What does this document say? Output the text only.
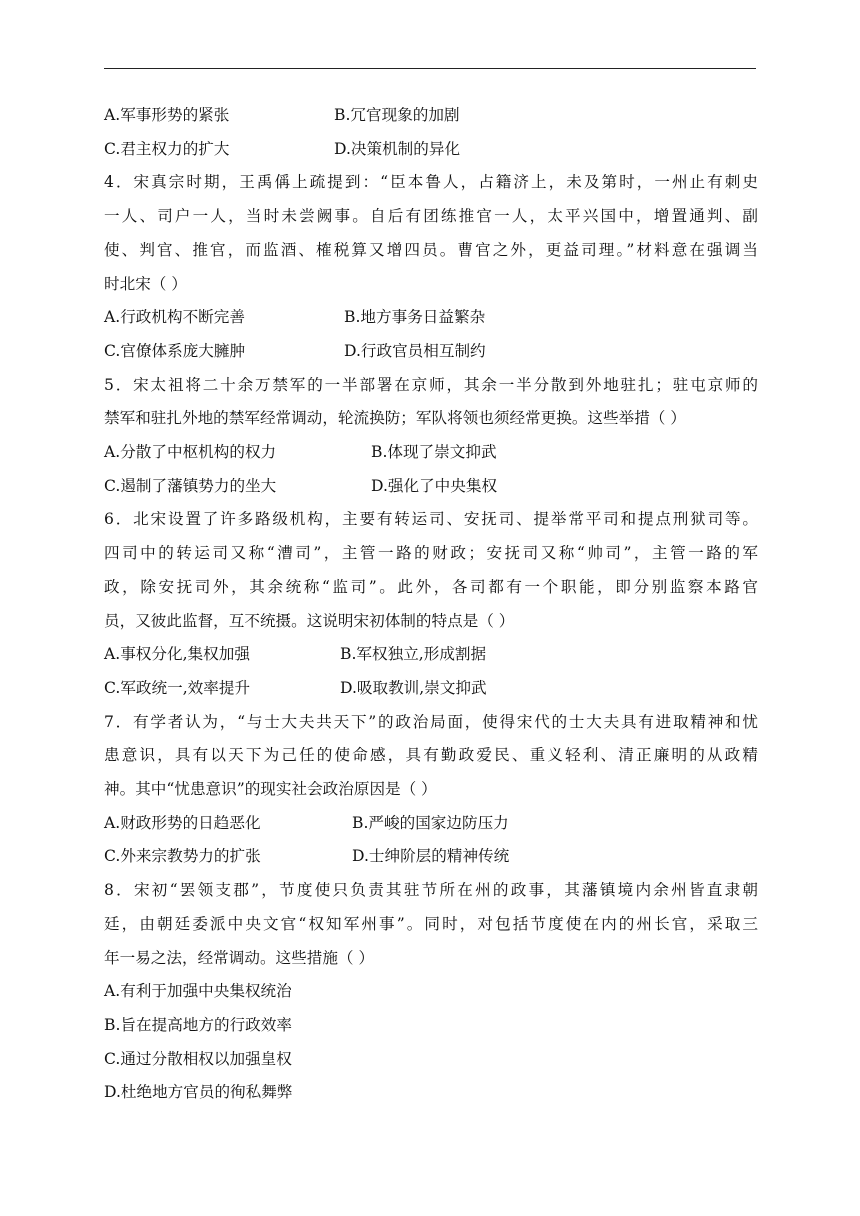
A.军事形势的紧张	B.冗官现象的加剧
C.君主权力的扩大	D.决策机制的异化
4．宋真宗时期，王禹偁上疏提到：“臣本鲁人，占籍济上，未及第时，一州止有刺史
一人、司户一人，当时未尝阙事。自后有团练推官一人，太平兴国中，增置通判、副
使、判官、推官，而监酒、榷税算又增四员。曹官之外，更益司理。”材料意在强调当
时北宋（ ）
A.行政机构不断完善	B.地方事务日益繁杂
C.官僚体系庞大臃肿	D.行政官员相互制约
5．宋太祖将二十余万禁军的一半部署在京师，其余一半分散到外地驻扎；驻屯京师的
禁军和驻扎外地的禁军经常调动，轮流换防；军队将领也须经常更换。这些举措（ ）
A.分散了中枢机构的权力	B.体现了崇文抑武
C.遏制了藩镇势力的坐大	D.强化了中央集权
6．北宋设置了许多路级机构，主要有转运司、安抚司、提举常平司和提点刑狱司等。
四司中的转运司又称“漕司”，主管一路的财政；安抚司又称“帅司”，主管一路的军
政，除安抚司外，其余统称“监司”。此外，各司都有一个职能，即分别监察本路官
员，又彼此监督，互不统摄。这说明宋初体制的特点是（ ）
A.事权分化,集权加强	B.军权独立,形成割据
C.军政统一,效率提升	D.吸取教训,崇文抑武
7．有学者认为，“与士大夫共天下”的政治局面，使得宋代的士大夫具有进取精神和忧
患意识，具有以天下为己任的使命感，具有勤政爱民、重义轻利、清正廉明的从政精
神。其中“忧患意识”的现实社会政治原因是（ ）
A.财政形势的日趋恶化	B.严峻的国家边防压力
C.外来宗教势力的扩张	D.士绅阶层的精神传统
8．宋初“罢领支郡”，节度使只负责其驻节所在州的政事，其藩镇境内余州皆直隶朝
廷，由朝廷委派中央文官“权知军州事”。同时，对包括节度使在内的州长官，采取三
年一易之法，经常调动。这些措施（ ）
A.有利于加强中央集权统治
B.旨在提高地方的行政效率
C.通过分散相权以加强皇权
D.杜绝地方官员的徇私舞弊
